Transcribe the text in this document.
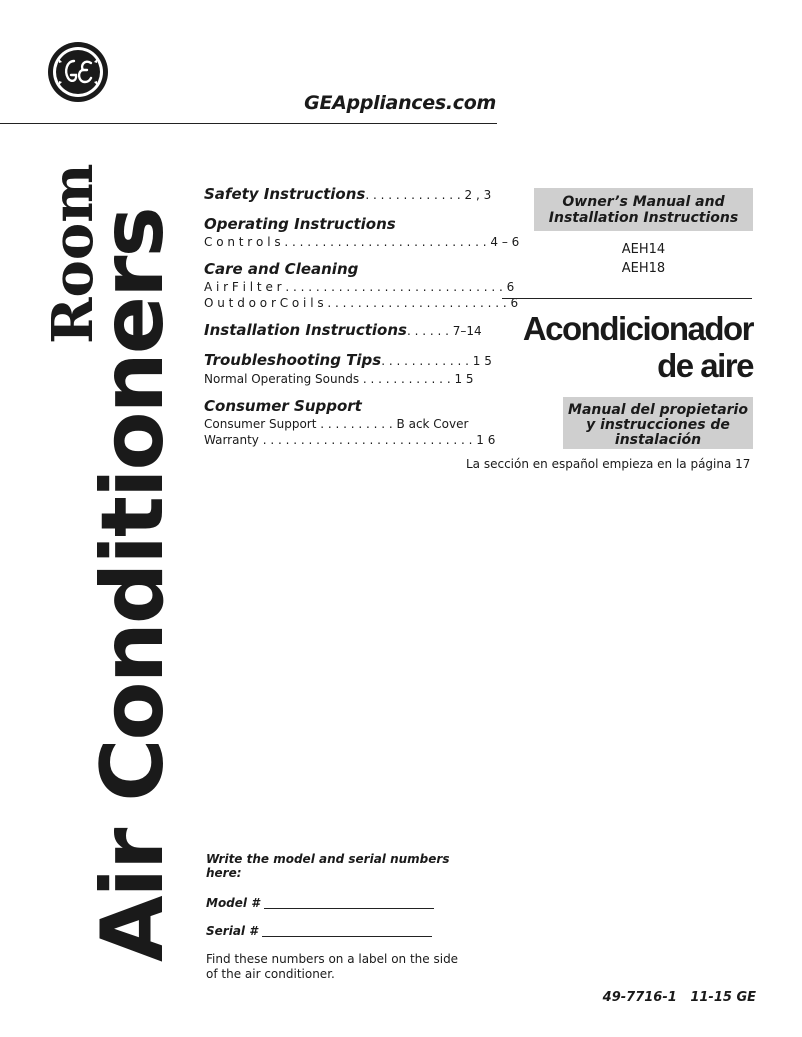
GEAppliances.com
Room
Air Conditioners
Safety Instructions. . . . . . . . . . . . . 2 , 3
Operating Instructions
C o n t r o l s . . . . . . . . . . . . . . . . . . . . . . . . . . . 4 – 6
Care and Cleaning
A i r F i l t e r . . . . . . . . . . . . . . . . . . . . . . . . . . . . . 6
O u t d o o r C o i l s . . . . . . . . . . . . . . . . . . . . . . . . 6
Installation Instructions. . . . . . 7–14
Troubleshooting Tips. . . . . . . . . . . . 1 5
Normal Operating Sounds . . . . . . . . . . . . 1 5
Consumer Support
Consumer Support . . . . . . . . . . B ack Cover
Warranty . . . . . . . . . . . . . . . . . . . . . . . . . . . . 1 6
Owner’s Manual and
Installation Instructions
AEH14
AEH18
Acondicionador
de aire
Manual del propietario
y instrucciones de
instalación
La sección en español empieza en la página 17
Write the model and serial numbers here:
Model #
Serial #
Find these numbers on a label on the side of the air conditioner.
49-7716-1   11-15 GE
